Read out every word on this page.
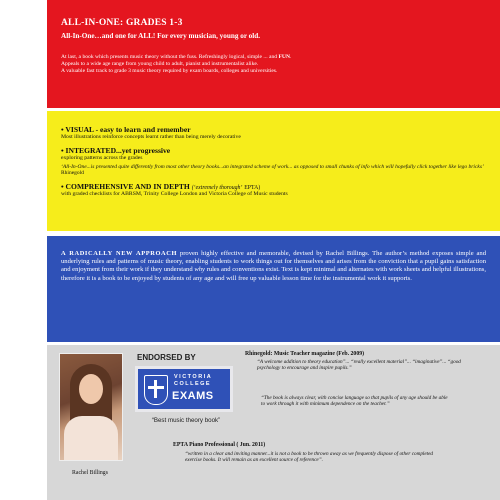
ALL-IN-ONE: GRADES 1-3
All-In-One…and one for ALL! For every musician, young or old.
At last, a book which presents music theory without the fuss. Refreshingly logical, simple ... and FUN.
Appeals to a wide age range from young child to adult, pianist and instrumentalist alike.
A valuable fast track to grade 3 music theory required by exam boards, colleges and universities.
• VISUAL - easy to learn and remember
Most illustrations reinforce concepts learnt rather than being merely decorative
• INTEGRATED...yet progressive
exploring patterns across the grades
‘All-In-One...is presented quite differently from most other theory books...an integrated scheme of work... as opposed to small chunks of info which will hopefully click together like lego bricks’ Rhinegold
• COMPREHENSIVE AND IN DEPTH (‘extremely thorough’ EPTA)
with graded checklists for ABRSM, Trinity College London and Victoria College of Music students
A RADICALLY NEW APPROACH proven highly effective and memorable, devised by Rachel Billings. The author’s method exposes simple and underlying rules and patterns of music theory, enabling students to work things out for themselves and arises from the conviction that a pupil gains satisfaction and enjoyment from their work if they understand why rules and conventions exist. Text is kept minimal and alternates with work sheets and helpful illustrations, therefore it is a book to be enjoyed by students of any age and will free up valuable lesson time for the instrumental work it supports.
Rachel Billings
ENDORSED BY
VICTORIA
COLLEGE
EXAMS
“Best music theory book”
Rhinegold: Music Teacher magazine (Feb. 2009)
“A welcome addition to theory education”... “really excellent material”... “imaginative”... “good psychology to encourage and inspire pupils.”
“The book is always clear, with concise language so that pupils of any age should be able to work through it with minimum dependence on the teacher.”
EPTA Piano Professional ( Jun. 2011)
“written in a clear and inviting manner...it is not a book to be thrown away as we frequently dispose of other completed exercise books. It will remain as an excellent source of reference”.
